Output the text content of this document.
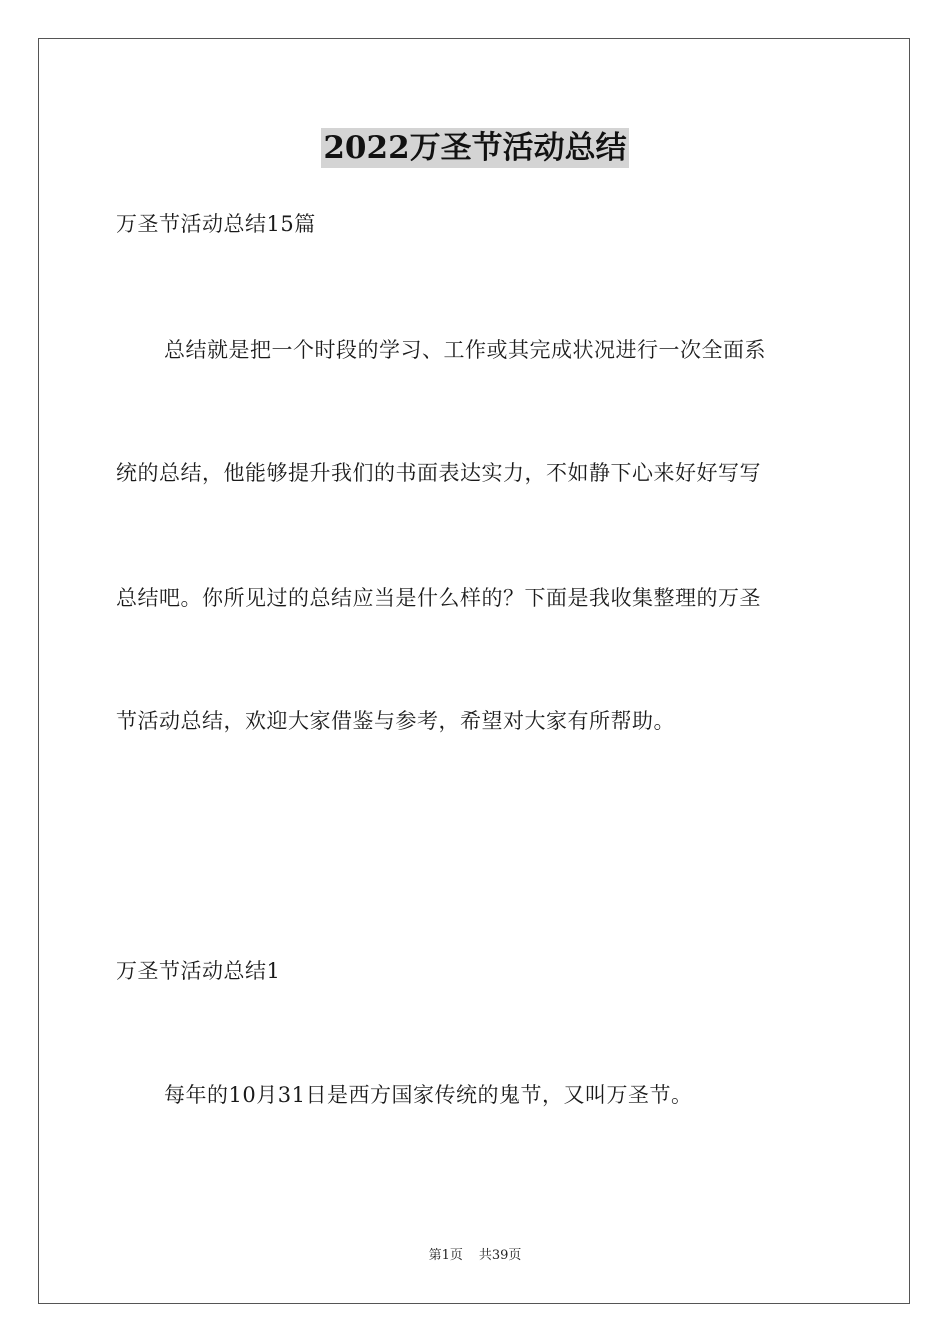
2022万圣节活动总结
万圣节活动总结15篇
总结就是把一个时段的学习、工作或其完成状况进行一次全面系
统的总结，他能够提升我们的书面表达实力，不如静下心来好好写写
总结吧。你所见过的总结应当是什么样的？下面是我收集整理的万圣
节活动总结，欢迎大家借鉴与参考，希望对大家有所帮助。
万圣节活动总结1
每年的10月31日是西方国家传统的鬼节，又叫万圣节。
第1页 共39页
